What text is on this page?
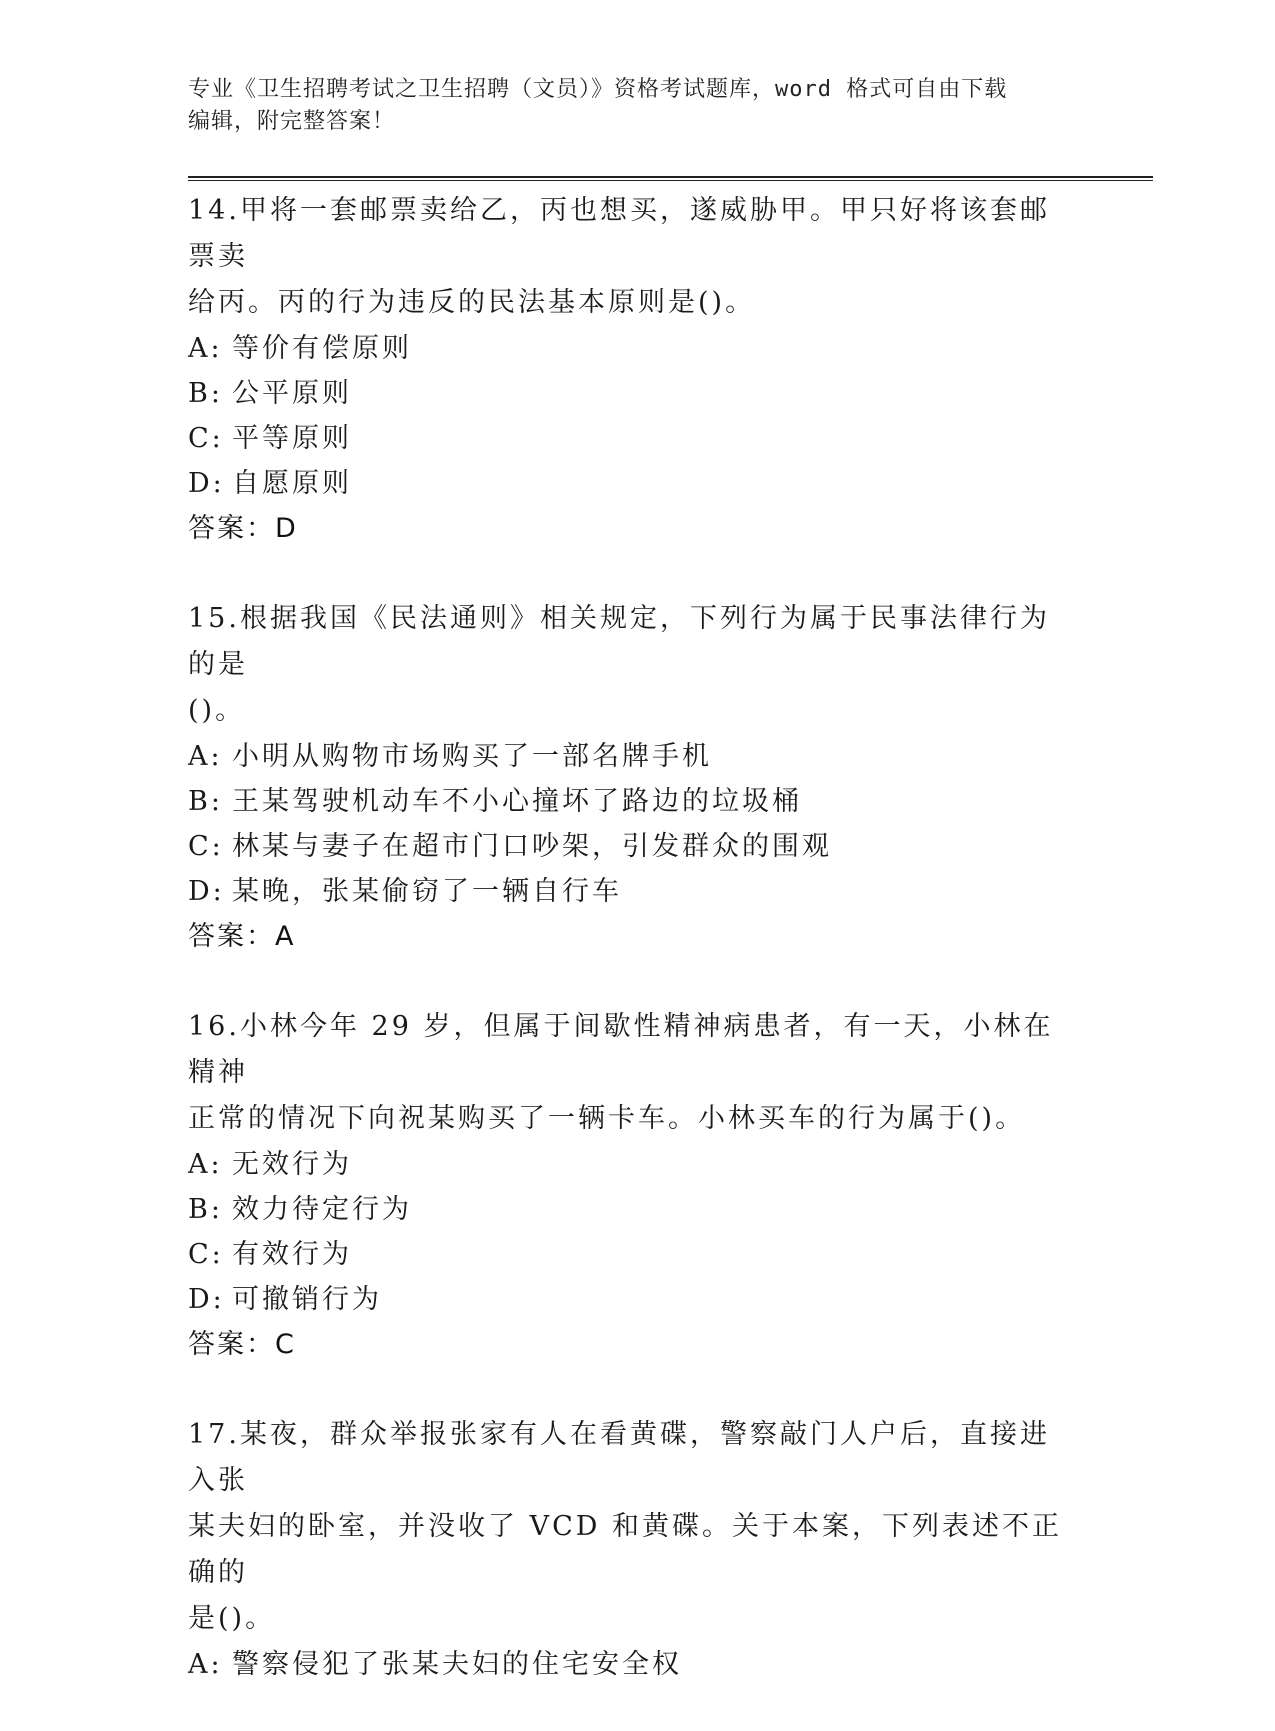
专业《卫生招聘考试之卫生招聘（文员）》资格考试题库，word 格式可自由下载
编辑，附完整答案！

14.甲将一套邮票卖给乙，丙也想买，遂威胁甲。甲只好将该套邮票卖

给丙。丙的行为违反的民法基本原则是()。

A: 等价有偿原则

B: 公平原则

C: 平等原则

D: 自愿原则

答案：D

15.根据我国《民法通则》相关规定，下列行为属于民事法律行为的是

()。

A: 小明从购物市场购买了一部名牌手机

B: 王某驾驶机动车不小心撞坏了路边的垃圾桶

C: 林某与妻子在超市门口吵架，引发群众的围观

D: 某晚，张某偷窃了一辆自行车

答案：A

16.小林今年 29 岁，但属于间歇性精神病患者，有一天，小林在精神

正常的情况下向祝某购买了一辆卡车。小林买车的行为属于()。

A: 无效行为

B: 效力待定行为

C: 有效行为

D: 可撤销行为

答案：C

17.某夜，群众举报张家有人在看黄碟，警察敲门人户后，直接进入张

某夫妇的卧室，并没收了 VCD 和黄碟。关于本案，下列表述不正确的

是()。

A: 警察侵犯了张某夫妇的住宅安全权
